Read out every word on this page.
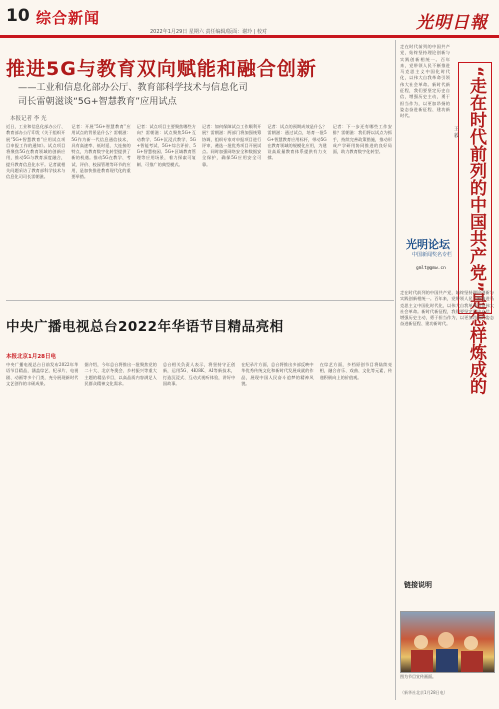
10 综合新闻
2022年1月29日 星期六 责任编辑/版面：谢玲 | 校对	光明日報
推进5G与教育双向赋能和融合创新
——工业和信息化部办公厅、教育部科学技术与信息化司
司长雷朝滋谈“5G+智慧教育”应用试点
本报记者 李 光
近日，工业和信息化部办公厅、教育部办公厅印发《关于组织开展“5G+智慧教育”应用试点项目申报工作的通知》。试点项目将聚焦5G在教育领域的创新应用，推动5G与教育深度融合，提升教育信息化水平。记者就相关问题采访了教育部科学技术与信息化司司长雷朝滋。
记者：开展“5G+智慧教育”应用试点的背景是什么？雷朝滋：5G作为新一代信息通信技术，具有高速率、低时延、大连接的特点，为教育数字化转型提供了新的机遇。推动5G在教学、考试、评价、校园管理等环节的应用，是加快推进教育现代化的重要举措。
记者：试点项目主要聚焦哪些方向？雷朝滋：试点聚焦5G+互动教学、5G+沉浸式教学、5G+智能考试、5G+综合评价、5G+智慧校园、5G+区域教育管理等应用场景，着力探索可复制、可推广的典型模式。
记者：如何保障试点工作顺利开展？雷朝滋：两部门将加强统筹协调，组织专家对申报项目进行评审，遴选一批优秀项目开展试点。同时加强网络安全和数据安全保护，确保5G应用安全可靠。
记者：试点的预期成效是什么？雷朝滋：通过试点，培育一批5G+智慧教育应用标杆，带动5G在教育领域的规模化应用，为建设高质量教育体系提供有力支撑。
记者：下一步还有哪些工作安排？雷朝滋：我们将以试点为抓手，持续完善政策措施，推动形成产学研用协同推进的良好局面，助力教育数字化转型。
走在时代前列的中国共产党，始终坚持理论创新与实践创新相统一。百年来，党带领人民不断推进马克思主义中国化时代化，以伟大自我革命引领伟大社会革命。新时代新征程，我们要坚定历史自信，增强历史主动，勇于担当作为，以更加昂扬的姿态奋进新征程、建功新时代。	“走在时代前列的中国共产党”是怎样炼成的
王 毅
光明论坛
中国新闻奖名专栏
gmlt@gmw.cn
走在时代前列的中国共产党，始终坚持理论创新与实践创新相统一。百年来，党带领人民不断推进马克思主义中国化时代化，以伟大自我革命引领伟大社会革命。新时代新征程，我们要坚定历史自信，增强历史主动，勇于担当作为，以更加昂扬的姿态奋进新征程、建功新时代。
中央广播电视总台2022年华语节目精品亮相
本报北京1月28日电
中央广播电视总台日前发布2022年华语节目精品，涵盖综艺、纪录片、电视剧、动画等多个门类，充分展现新时代文艺创作的丰硕成果。
据介绍，今年总台将推出一批聚焦党的二十大、北京冬奥会、乡村振兴等重大主题的精品节目，以高品质内容满足人民群众精神文化需求。
总台相关负责人表示，将坚持守正创新，运用5G、4K/8K、AI等新技术，打造沉浸式、互动式视听体验，讲好中国故事。
在纪录片方面，总台将推出多部反映中华优秀传统文化和新时代发展成就的作品，展现中国人民奋斗追梦的精神风貌。
在综艺方面，多档原创节目将陆续亮相，融合音乐、戏曲、文化等元素，传递积极向上的价值观。
链接说明
图为节目宣传画面。
（新华社北京1月28日电）
